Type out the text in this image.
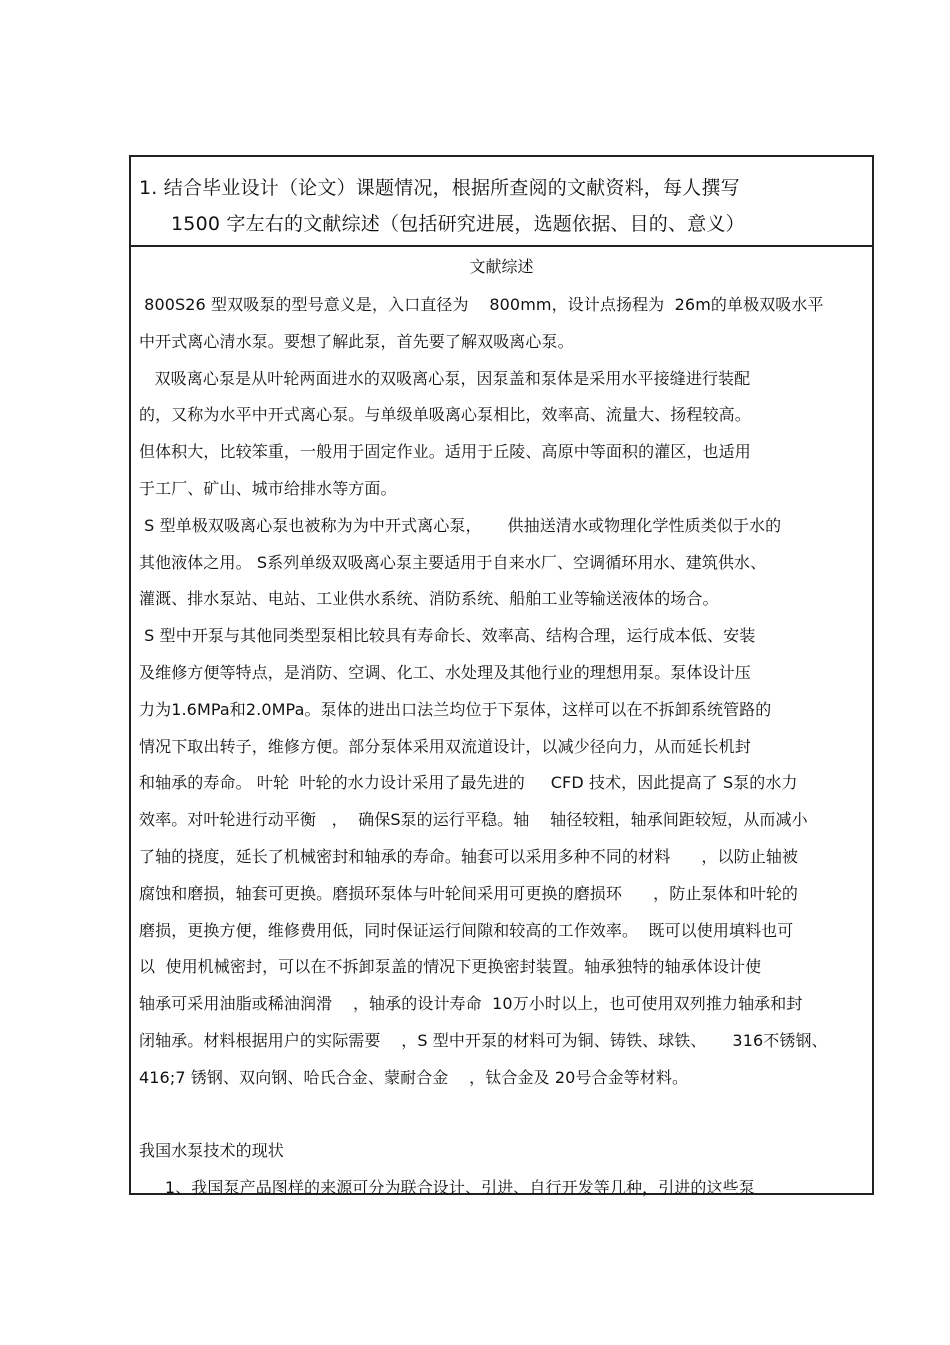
1. 结合毕业设计（论文）课题情况，根据所查阅的文献资料，每人撰写
1500 字左右的文献综述（包括研究进展，选题依据、目的、意义）
文献综述
800S26 型双吸泵的型号意义是，入口直径为    800mm，设计点扬程为  26m的单极双吸水平
中开式离心清水泵。要想了解此泵，首先要了解双吸离心泵。
双吸离心泵是从叶轮两面进水的双吸离心泵，因泵盖和泵体是采用水平接缝进行装配
的，又称为水平中开式离心泵。与单级单吸离心泵相比，效率高、流量大、扬程较高。
但体积大，比较笨重，一般用于固定作业。适用于丘陵、高原中等面积的灌区，也适用
于工厂、矿山、城市给排水等方面。
S 型单极双吸离心泵也被称为为中开式离心泵，     供抽送清水或物理化学性质类似于水的
其他液体之用。 S系列单级双吸离心泵主要适用于自来水厂、空调循环用水、建筑供水、
灌溉、排水泵站、电站、工业供水系统、消防系统、船舶工业等输送液体的场合。
S 型中开泵与其他同类型泵相比较具有寿命长、效率高、结构合理，运行成本低、安装
及维修方便等特点，是消防、空调、化工、水处理及其他行业的理想用泵。泵体设计压
力为1.6MPa和2.0MPa。泵体的进出口法兰均位于下泵体，这样可以在不拆卸系统管路的
情况下取出转子，维修方便。部分泵体采用双流道设计，以减少径向力，从而延长机封
和轴承的寿命。 叶轮  叶轮的水力设计采用了最先进的     CFD 技术，因此提高了 S泵的水力
效率。对叶轮进行动平衡   ，  确保S泵的运行平稳。轴    轴径较粗，轴承间距较短，从而减小
了轴的挠度，延长了机械密封和轴承的寿命。轴套可以采用多种不同的材料      ，以防止轴被
腐蚀和磨损，轴套可更换。磨损环泵体与叶轮间采用可更换的磨损环      ，防止泵体和叶轮的
磨损，更换方便，维修费用低，同时保证运行间隙和较高的工作效率。  既可以使用填料也可
以  使用机械密封，可以在不拆卸泵盖的情况下更换密封装置。轴承独特的轴承体设计使
轴承可采用油脂或稀油润滑    ，轴承的设计寿命  10万小时以上，也可使用双列推力轴承和封
闭轴承。材料根据用户的实际需要    ，S 型中开泵的材料可为铜、铸铁、球铁、     316不锈钢、
416;7 锈钢、双向钢、哈氏合金、蒙耐合金    ，钛合金及 20号合金等材料。
我国水泵技术的现状
1、我国泵产品图样的来源可分为联合设计、引进、自行开发等几种，引进的这些泵
